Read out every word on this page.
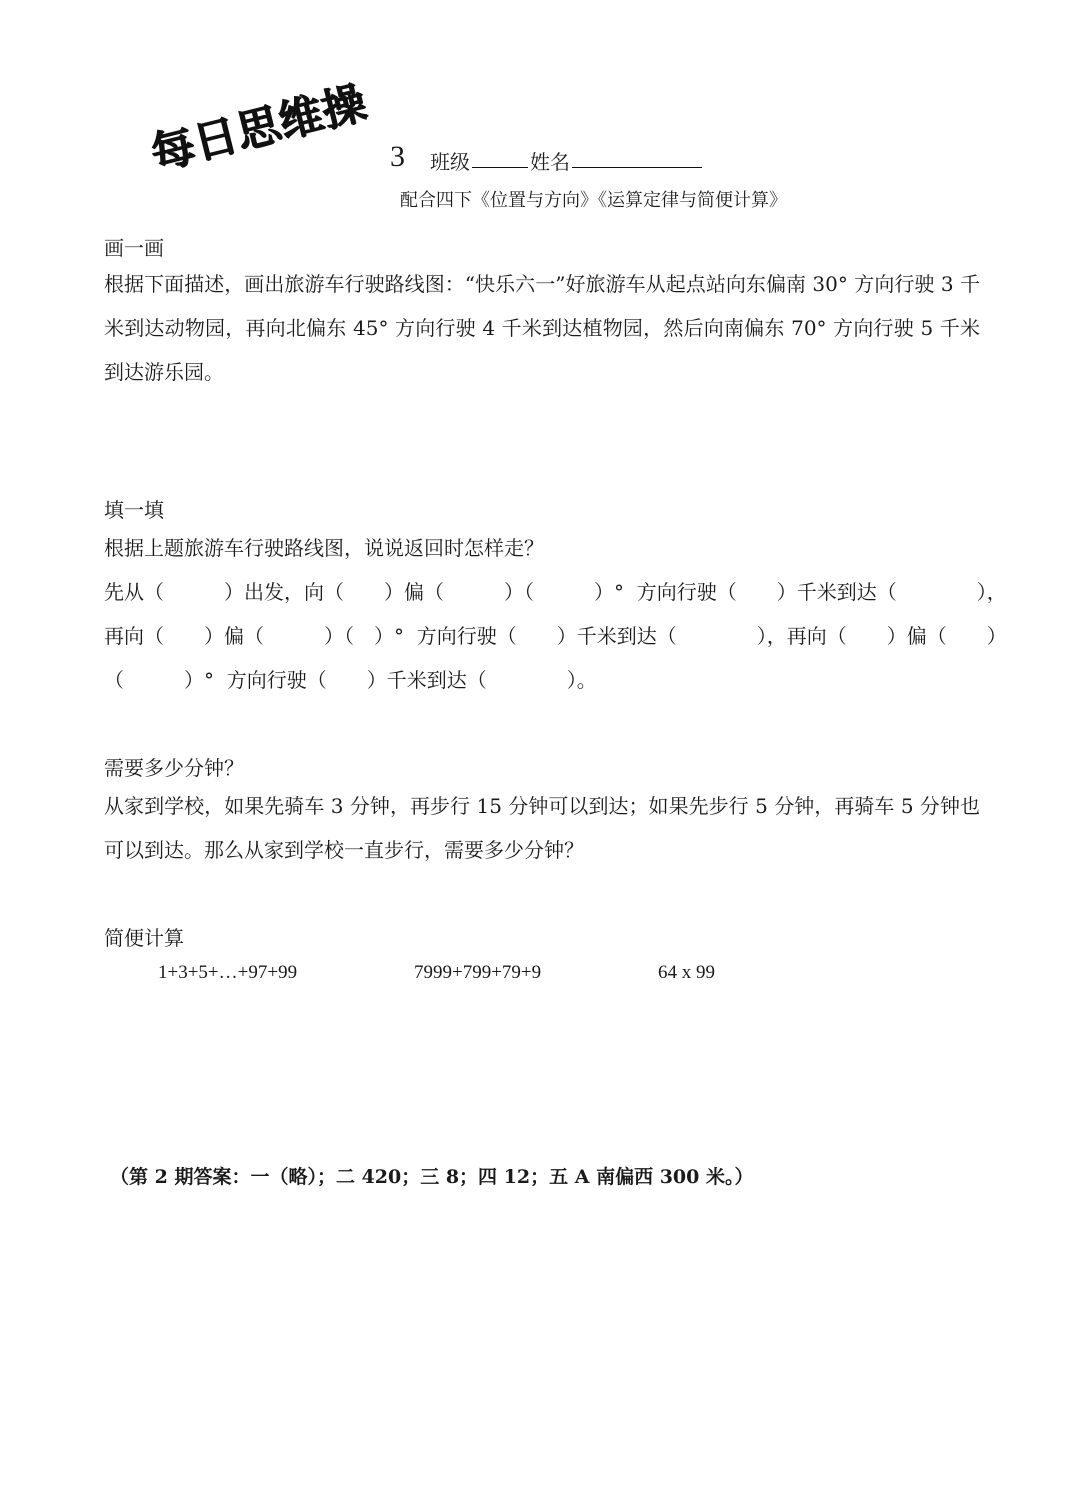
每日思维操 3 班级	姓名
配合四下《位置与方向》《运算定律与简便计算》
画一画
根据下面描述，画出旅游车行驶路线图：“快乐六一”好旅游车从起点站向东偏南 30° 方向行驶 3 千米到达动物园，再向北偏东 45° 方向行驶 4 千米到达植物园，然后向南偏东 70° 方向行驶 5 千米到达游乐园。
填一填
根据上题旅游车行驶路线图，说说返回时怎样走？
先从（　　　）出发，向（　　）偏（　　　）（　　　）°  方向行驶（　　）千米到达（　　　　），
再向（　　）偏（　　　）（　）°  方向行驶（　　）千米到达（　　　　），再向（　　）偏（　　）
（　　　）°  方向行驶（　　）千米到达（　　　　）。
需要多少分钟？
从家到学校，如果先骑车 3 分钟，再步行 15 分钟可以到达；如果先步行 5 分钟，再骑车 5 分钟也可以到达。那么从家到学校一直步行，需要多少分钟？
简便计算
1+3+5+…+97+99	7999+799+79+9	64 x 99
（第 2 期答案：一（略）；二 420；三 8；四 12；五 A 南偏西 300 米。）
